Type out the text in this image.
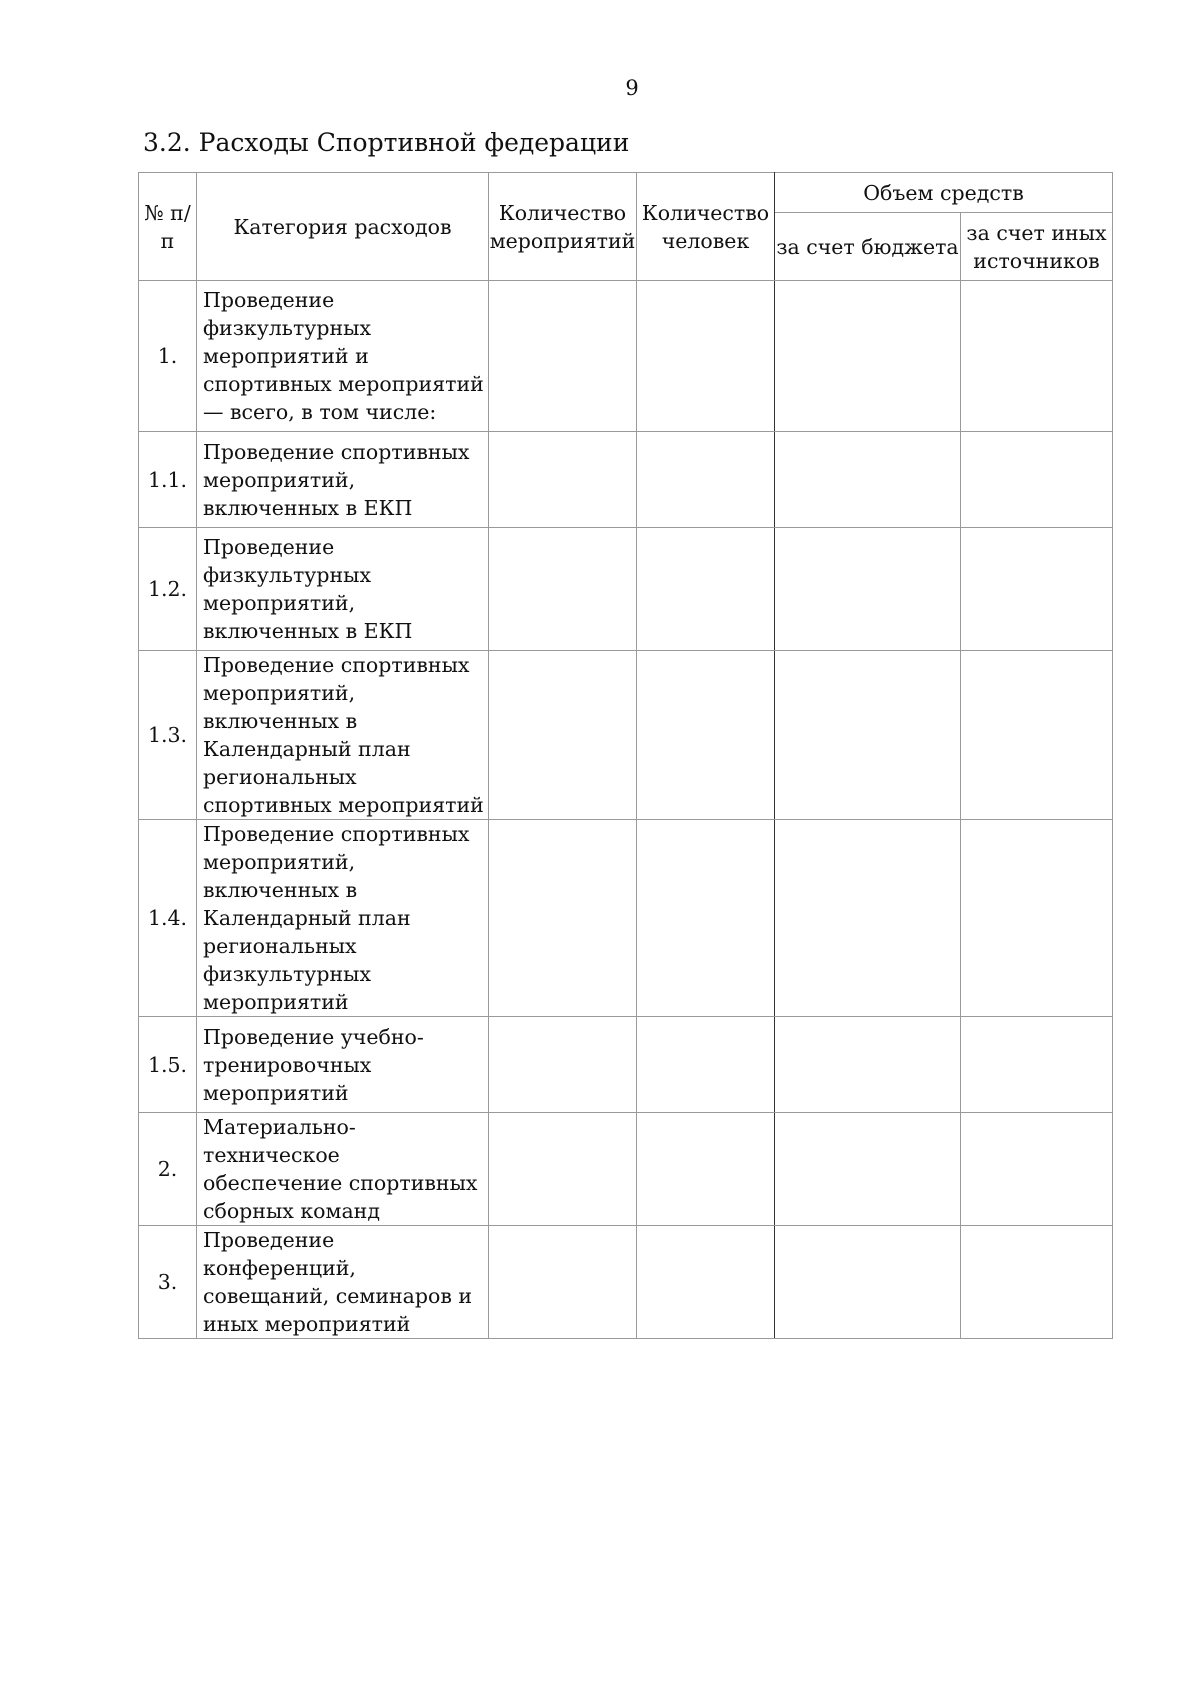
9
3.2. Расходы Спортивной федерации
№ п/п	Категория расходов	Количество мероприятий	Количество человек	Объем средств	
				за счет бюджета	за счет иных источников
1.	Проведение физкультурных мероприятий и спортивных мероприятий — всего, в том числе:				
1.1.	Проведение спортивных мероприятий, включенных в ЕКП				
1.2.	Проведение физкультурных мероприятий, включенных в ЕКП				
1.3.	Проведение спортивных мероприятий, включенных в Календарный план региональных спортивных мероприятий				
1.4.	Проведение спортивных мероприятий, включенных в Календарный план региональных физкультурных мероприятий				
1.5.	Проведение учебно-тренировочных мероприятий				
2.	Материально-техническое обеспечение спортивных сборных команд				
3.	Проведение конференций, совещаний, семинаров и иных мероприятий				
